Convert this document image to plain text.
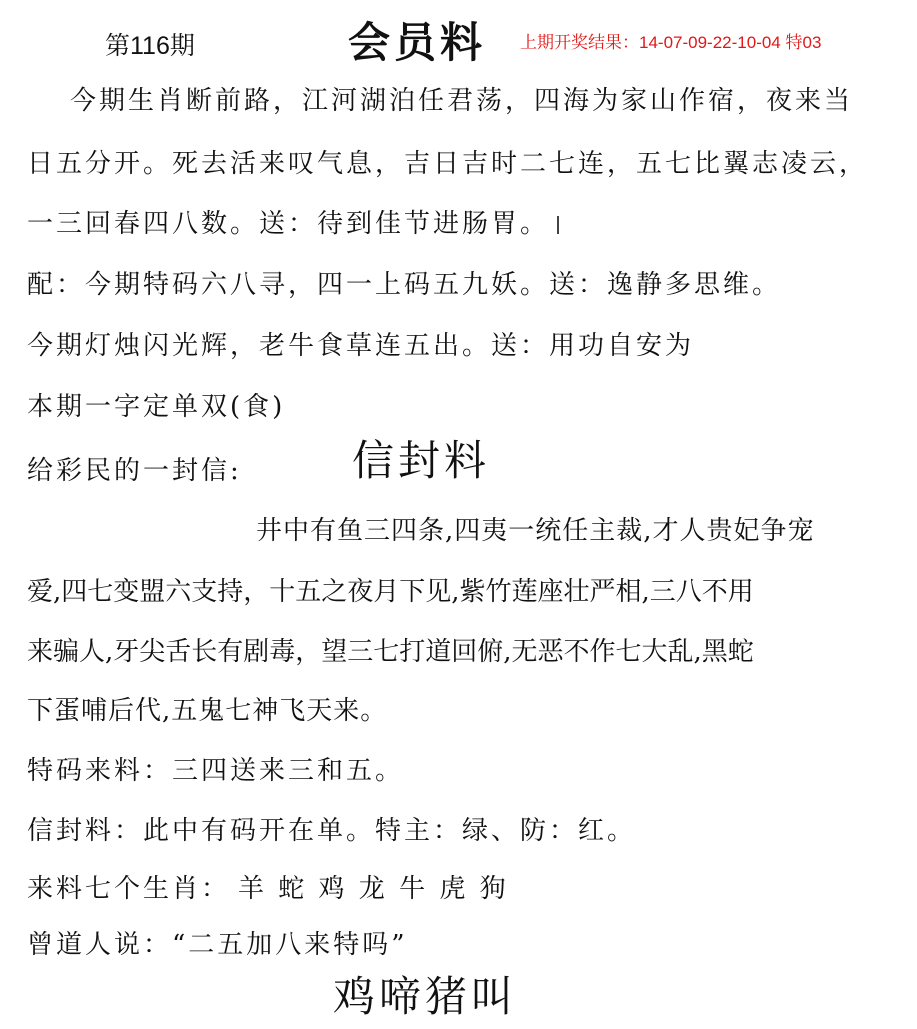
第116期	会员料 上期开奖结果：14-07-09-22-10-04 特03
今期生肖断前路，江河湖泊任君荡，四海为家山作宿，夜来当
日五分开。死去活来叹气息，吉日吉时二七连，五七比翼志凌云，
一三回春四八数。送：待到佳节进肠胃。
配：今期特码六八寻，四一上码五九妖。送：逸静多思维。
今期灯烛闪光辉，老牛食草连五出。送：用功自安为
本期一字定单双(食)
给彩民的一封信:	信封料
井中有鱼三四条,四夷一统任主裁,才人贵妃争宠
爱,四七变盟六支持，十五之夜月下见,紫竹莲座壮严相,三八不用
来骗人,牙尖舌长有剧毒，望三七打道回俯,无恶不作七大乱,黑蛇
下蛋哺后代,五鬼七神飞天来。
特码来料：三四送来三和五。
信封料：此中有码开在单。特主：绿、防：红。
来料七个生肖： 羊 蛇 鸡 龙 牛 虎 狗
曾道人说：“二五加八来特吗”
鸡啼猪叫
